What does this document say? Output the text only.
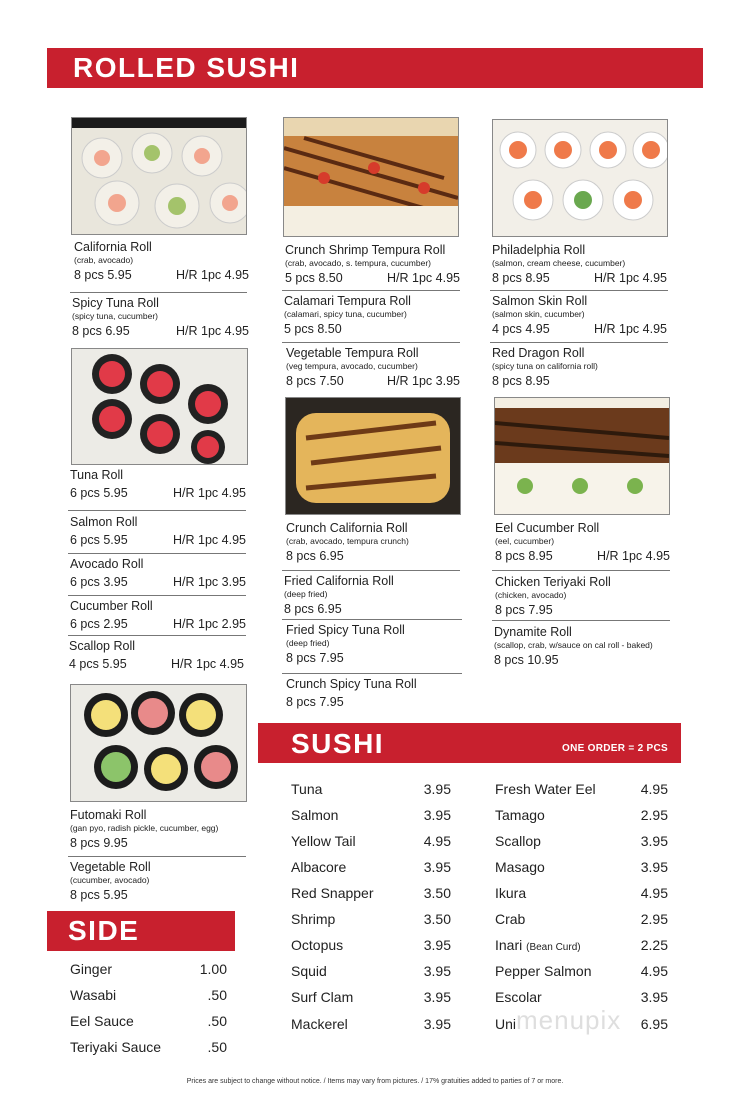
ROLLED SUSHI
California Roll
(crab, avocado)
8 pcs 5.95	H/R 1pc 4.95
Spicy Tuna Roll
(spicy tuna, cucumber)
8 pcs 6.95	H/R 1pc 4.95
Tuna Roll
6 pcs 5.95	H/R 1pc 4.95
Salmon Roll
6 pcs 5.95	H/R 1pc 4.95
Avocado Roll
6 pcs 3.95	H/R 1pc 3.95
Cucumber Roll
6 pcs 2.95	H/R 1pc 2.95
Scallop Roll
4 pcs 5.95	H/R 1pc 4.95
Futomaki Roll
(gan pyo, radish pickle, cucumber, egg)
8 pcs 9.95
Vegetable Roll
(cucumber, avocado)
8 pcs 5.95
Crunch Shrimp Tempura Roll
(crab, avocado, s. tempura, cucumber)
5 pcs 8.50	H/R 1pc 4.95
Calamari Tempura Roll
(calamari, spicy tuna, cucumber)
5 pcs 8.50
Vegetable Tempura Roll
(veg tempura, avocado, cucumber)
8 pcs 7.50	H/R 1pc 3.95
Crunch California Roll
(crab, avocado, tempura crunch)
8 pcs 6.95
Fried California Roll
(deep fried)
8 pcs 6.95
Fried Spicy Tuna Roll
(deep fried)
8 pcs 7.95
Crunch Spicy Tuna Roll
8 pcs 7.95
Philadelphia Roll
(salmon, cream cheese, cucumber)
8 pcs 8.95	H/R 1pc 4.95
Salmon Skin Roll
(salmon skin, cucumber)
4 pcs 4.95	H/R 1pc 4.95
Red Dragon Roll
(spicy tuna on california roll)
8 pcs 8.95
Eel Cucumber Roll
(eel, cucumber)
8 pcs 8.95	H/R 1pc 4.95
Chicken Teriyaki Roll
(chicken, avocado)
8 pcs 7.95
Dynamite Roll
(scallop, crab, w/sauce on cal roll - baked)
8 pcs 10.95
SUSHI	ONE ORDER = 2 PCS
Tuna	3.95
Salmon	3.95
Yellow Tail	4.95
Albacore	3.95
Red Snapper	3.50
Shrimp	3.50
Octopus	3.95
Squid	3.95
Surf Clam	3.95
Mackerel	3.95
Fresh Water Eel	4.95
Tamago	2.95
Scallop	3.95
Masago	3.95
Ikura	4.95
Crab	2.95
Inari (Bean Curd)	2.25
Pepper Salmon	4.95
Escolar	3.95
Uni	6.95
menupix
SIDE
Ginger	1.00
Wasabi	.50
Eel Sauce	.50
Teriyaki Sauce	.50
Prices are subject to change without notice. / Items may vary from pictures. / 17% gratuities added to parties of 7 or more.
